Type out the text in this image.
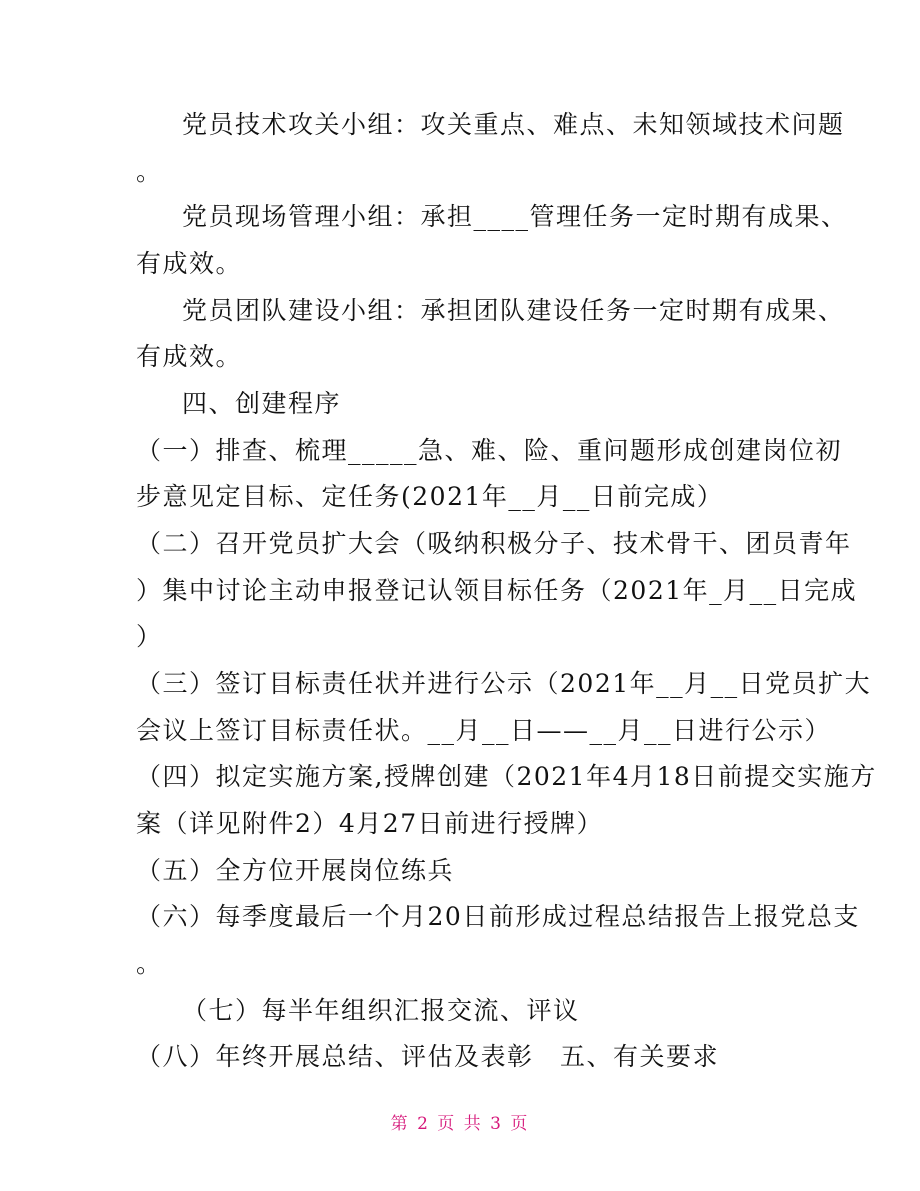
党员技术攻关小组：攻关重点、难点、未知领域技术问题
。
党员现场管理小组：承担____管理任务一定时期有成果、
有成效。
党员团队建设小组：承担团队建设任务一定时期有成果、
有成效。
四、创建程序
（一）排查、梳理_____急、难、险、重问题形成创建岗位初
步意见定目标、定任务(2021年__月__日前完成）
（二）召开党员扩大会（吸纳积极分子、技术骨干、团员青年
）集中讨论主动申报登记认领目标任务（2021年_月__日完成
）
（三）签订目标责任状并进行公示（2021年__月__日党员扩大
会议上签订目标责任状。__月__日——__月__日进行公示）
（四）拟定实施方案,授牌创建（2021年4月18日前提交实施方
案（详见附件2）4月27日前进行授牌）
（五）全方位开展岗位练兵
（六）每季度最后一个月20日前形成过程总结报告上报党总支
。
（七）每半年组织汇报交流、评议
（八）年终开展总结、评估及表彰　五、有关要求
第 2 页 共 3 页
